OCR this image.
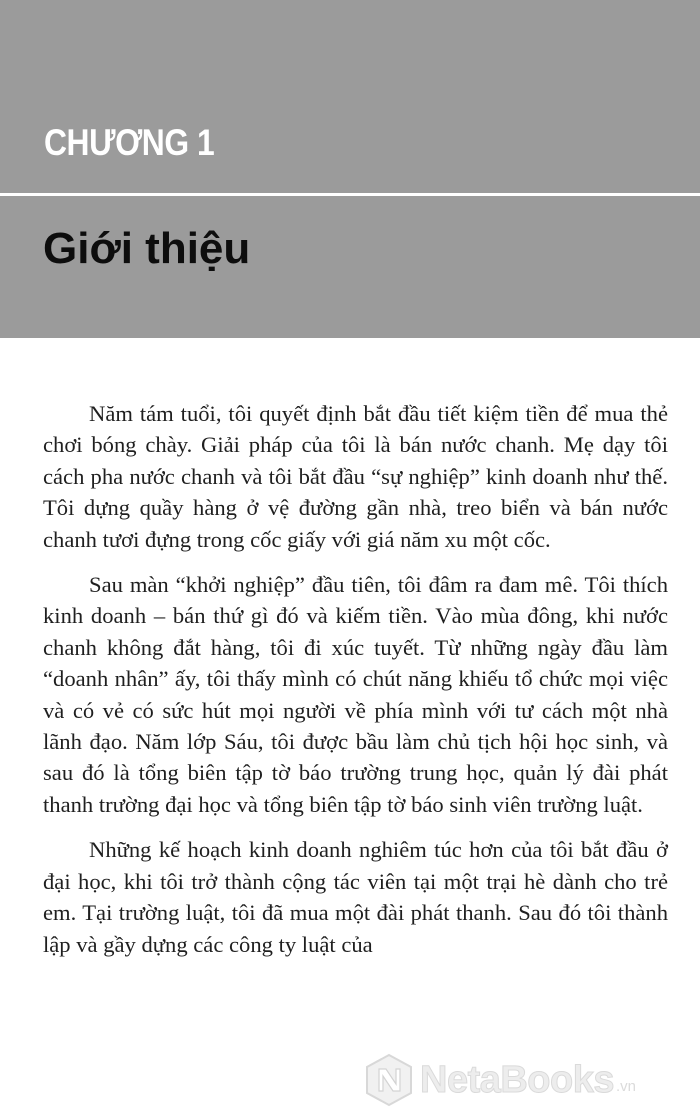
CHƯƠNG 1
Giới thiệu

Năm tám tuổi, tôi quyết định bắt đầu tiết kiệm tiền để mua thẻ chơi bóng chày. Giải pháp của tôi là bán nước chanh. Mẹ dạy tôi cách pha nước chanh và tôi bắt đầu “sự nghiệp” kinh doanh như thế. Tôi dựng quầy hàng ở vệ đường gần nhà, treo biển và bán nước chanh tươi đựng trong cốc giấy với giá năm xu một cốc.

Sau màn “khởi nghiệp” đầu tiên, tôi đâm ra đam mê. Tôi thích kinh doanh – bán thứ gì đó và kiếm tiền. Vào mùa đông, khi nước chanh không đắt hàng, tôi đi xúc tuyết. Từ những ngày đầu làm “doanh nhân” ấy, tôi thấy mình có chút năng khiếu tổ chức mọi việc và có vẻ có sức hút mọi người về phía mình với tư cách một nhà lãnh đạo. Năm lớp Sáu, tôi được bầu làm chủ tịch hội học sinh, và sau đó là tổng biên tập tờ báo trường trung học, quản lý đài phát thanh trường đại học và tổng biên tập tờ báo sinh viên trường luật.

Những kế hoạch kinh doanh nghiêm túc hơn của tôi bắt đầu ở đại học, khi tôi trở thành cộng tác viên tại một trại hè dành cho trẻ em. Tại trường luật, tôi đã mua một đài phát thanh. Sau đó tôi thành lập và gầy dựng các công ty luật của

NetaBooks .vn
